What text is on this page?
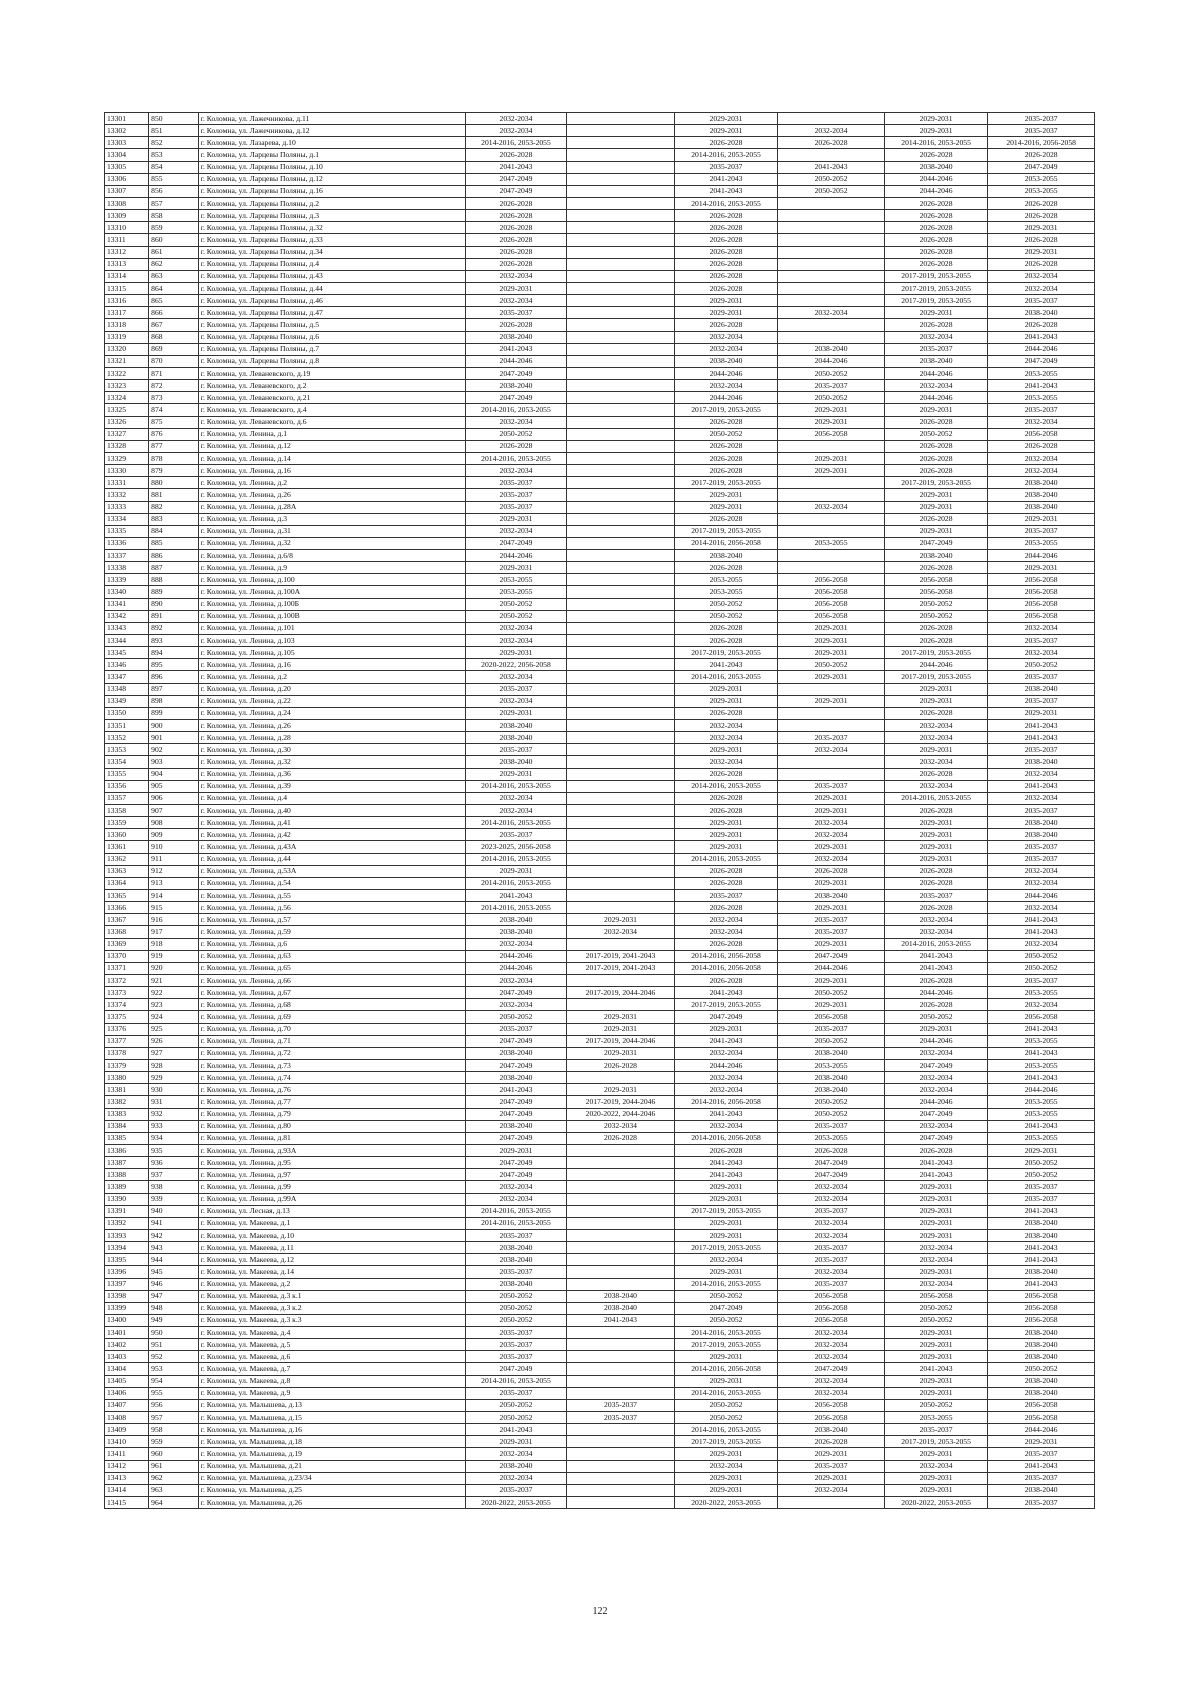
13301	850	г. Коломна, ул. Лажечникова, д.11	2032-2034		2029-2031		2029-2031	2035-2037
13302	851	г. Коломна, ул. Лажечникова, д.12	2032-2034		2029-2031	2032-2034	2029-2031	2035-2037
13303	852	г. Коломна, ул. Лазарева, д.10	2014-2016, 2053-2055		2026-2028	2026-2028	2014-2016, 2053-2055	2014-2016, 2056-2058
13304	853	г. Коломна, ул. Ларцевы Поляны, д.1	2026-2028		2014-2016, 2053-2055		2026-2028	2026-2028
13305	854	г. Коломна, ул. Ларцевы Поляны, д.10	2041-2043		2035-2037	2041-2043	2038-2040	2047-2049
13306	855	г. Коломна, ул. Ларцевы Поляны, д.12	2047-2049		2041-2043	2050-2052	2044-2046	2053-2055
13307	856	г. Коломна, ул. Ларцевы Поляны, д.16	2047-2049		2041-2043	2050-2052	2044-2046	2053-2055
13308	857	г. Коломна, ул. Ларцевы Поляны, д.2	2026-2028		2014-2016, 2053-2055		2026-2028	2026-2028
13309	858	г. Коломна, ул. Ларцевы Поляны, д.3	2026-2028		2026-2028		2026-2028	2026-2028
13310	859	г. Коломна, ул. Ларцевы Поляны, д.32	2026-2028		2026-2028		2026-2028	2029-2031
13311	860	г. Коломна, ул. Ларцевы Поляны, д.33	2026-2028		2026-2028		2026-2028	2026-2028
13312	861	г. Коломна, ул. Ларцевы Поляны, д.34	2026-2028		2026-2028		2026-2028	2029-2031
13313	862	г. Коломна, ул. Ларцевы Поляны, д.4	2026-2028		2026-2028		2026-2028	2026-2028
13314	863	г. Коломна, ул. Ларцевы Поляны, д.43	2032-2034		2026-2028		2017-2019, 2053-2055	2032-2034
13315	864	г. Коломна, ул. Ларцевы Поляны, д.44	2029-2031		2026-2028		2017-2019, 2053-2055	2032-2034
13316	865	г. Коломна, ул. Ларцевы Поляны, д.46	2032-2034		2029-2031		2017-2019, 2053-2055	2035-2037
13317	866	г. Коломна, ул. Ларцевы Поляны, д.47	2035-2037		2029-2031	2032-2034	2029-2031	2038-2040
13318	867	г. Коломна, ул. Ларцевы Поляны, д.5	2026-2028		2026-2028		2026-2028	2026-2028
13319	868	г. Коломна, ул. Ларцевы Поляны, д.6	2038-2040		2032-2034		2032-2034	2041-2043
13320	869	г. Коломна, ул. Ларцевы Поляны, д.7	2041-2043		2032-2034	2038-2040	2035-2037	2044-2046
13321	870	г. Коломна, ул. Ларцевы Поляны, д.8	2044-2046		2038-2040	2044-2046	2038-2040	2047-2049
13322	871	г. Коломна, ул. Леваневского, д.19	2047-2049		2044-2046	2050-2052	2044-2046	2053-2055
13323	872	г. Коломна, ул. Леваневского, д.2	2038-2040		2032-2034	2035-2037	2032-2034	2041-2043
13324	873	г. Коломна, ул. Леваневского, д.21	2047-2049		2044-2046	2050-2052	2044-2046	2053-2055
13325	874	г. Коломна, ул. Леваневского, д.4	2014-2016, 2053-2055		2017-2019, 2053-2055	2029-2031	2029-2031	2035-2037
13326	875	г. Коломна, ул. Леваневского, д.6	2032-2034		2026-2028	2029-2031	2026-2028	2032-2034
13327	876	г. Коломна, ул. Ленина, д.1	2050-2052		2050-2052	2056-2058	2050-2052	2056-2058
13328	877	г. Коломна, ул. Ленина, д.12	2026-2028		2026-2028		2026-2028	2026-2028
13329	878	г. Коломна, ул. Ленина, д.14	2014-2016, 2053-2055		2026-2028	2029-2031	2026-2028	2032-2034
13330	879	г. Коломна, ул. Ленина, д.16	2032-2034		2026-2028	2029-2031	2026-2028	2032-2034
13331	880	г. Коломна, ул. Ленина, д.2	2035-2037		2017-2019, 2053-2055		2017-2019, 2053-2055	2038-2040
13332	881	г. Коломна, ул. Ленина, д.26	2035-2037		2029-2031		2029-2031	2038-2040
13333	882	г. Коломна, ул. Ленина, д.28А	2035-2037		2029-2031	2032-2034	2029-2031	2038-2040
13334	883	г. Коломна, ул. Ленина, д.3	2029-2031		2026-2028		2026-2028	2029-2031
13335	884	г. Коломна, ул. Ленина, д.31	2032-2034		2017-2019, 2053-2055		2029-2031	2035-2037
13336	885	г. Коломна, ул. Ленина, д.32	2047-2049		2014-2016, 2056-2058	2053-2055	2047-2049	2053-2055
13337	886	г. Коломна, ул. Ленина, д.6/8	2044-2046		2038-2040		2038-2040	2044-2046
13338	887	г. Коломна, ул. Ленина, д.9	2029-2031		2026-2028		2026-2028	2029-2031
13339	888	г. Коломна, ул. Ленина, д.100	2053-2055		2053-2055	2056-2058	2056-2058	2056-2058
13340	889	г. Коломна, ул. Ленина, д.100А	2053-2055		2053-2055	2056-2058	2056-2058	2056-2058
13341	890	г. Коломна, ул. Ленина, д.100Б	2050-2052		2050-2052	2056-2058	2050-2052	2056-2058
13342	891	г. Коломна, ул. Ленина, д.100В	2050-2052		2050-2052	2056-2058	2050-2052	2056-2058
13343	892	г. Коломна, ул. Ленина, д.101	2032-2034		2026-2028	2029-2031	2026-2028	2032-2034
13344	893	г. Коломна, ул. Ленина, д.103	2032-2034		2026-2028	2029-2031	2026-2028	2035-2037
13345	894	г. Коломна, ул. Ленина, д.105	2029-2031		2017-2019, 2053-2055	2029-2031	2017-2019, 2053-2055	2032-2034
13346	895	г. Коломна, ул. Ленина, д.16	2020-2022, 2056-2058		2041-2043	2050-2052	2044-2046	2050-2052
13347	896	г. Коломна, ул. Ленина, д.2	2032-2034		2014-2016, 2053-2055	2029-2031	2017-2019, 2053-2055	2035-2037
13348	897	г. Коломна, ул. Ленина, д.20	2035-2037		2029-2031		2029-2031	2038-2040
13349	898	г. Коломна, ул. Ленина, д.22	2032-2034		2029-2031	2029-2031	2029-2031	2035-2037
13350	899	г. Коломна, ул. Ленина, д.24	2029-2031		2026-2028		2026-2028	2029-2031
13351	900	г. Коломна, ул. Ленина, д.26	2038-2040		2032-2034		2032-2034	2041-2043
13352	901	г. Коломна, ул. Ленина, д.28	2038-2040		2032-2034	2035-2037	2032-2034	2041-2043
13353	902	г. Коломна, ул. Ленина, д.30	2035-2037		2029-2031	2032-2034	2029-2031	2035-2037
13354	903	г. Коломна, ул. Ленина, д.32	2038-2040		2032-2034		2032-2034	2038-2040
13355	904	г. Коломна, ул. Ленина, д.36	2029-2031		2026-2028		2026-2028	2032-2034
13356	905	г. Коломна, ул. Ленина, д.39	2014-2016, 2053-2055		2014-2016, 2053-2055	2035-2037	2032-2034	2041-2043
13357	906	г. Коломна, ул. Ленина, д.4	2032-2034		2026-2028	2029-2031	2014-2016, 2053-2055	2032-2034
13358	907	г. Коломна, ул. Ленина, д.40	2032-2034		2026-2028	2029-2031	2026-2028	2035-2037
13359	908	г. Коломна, ул. Ленина, д.41	2014-2016, 2053-2055		2029-2031	2032-2034	2029-2031	2038-2040
13360	909	г. Коломна, ул. Ленина, д.42	2035-2037		2029-2031	2032-2034	2029-2031	2038-2040
13361	910	г. Коломна, ул. Ленина, д.43А	2023-2025, 2056-2058		2029-2031	2029-2031	2029-2031	2035-2037
13362	911	г. Коломна, ул. Ленина, д.44	2014-2016, 2053-2055		2014-2016, 2053-2055	2032-2034	2029-2031	2035-2037
13363	912	г. Коломна, ул. Ленина, д.53А	2029-2031		2026-2028	2026-2028	2026-2028	2032-2034
13364	913	г. Коломна, ул. Ленина, д.54	2014-2016, 2053-2055		2026-2028	2029-2031	2026-2028	2032-2034
13365	914	г. Коломна, ул. Ленина, д.55	2041-2043		2035-2037	2038-2040	2035-2037	2044-2046
13366	915	г. Коломна, ул. Ленина, д.56	2014-2016, 2053-2055		2026-2028	2029-2031	2026-2028	2032-2034
13367	916	г. Коломна, ул. Ленина, д.57	2038-2040	2029-2031	2032-2034	2035-2037	2032-2034	2041-2043
13368	917	г. Коломна, ул. Ленина, д.59	2038-2040	2032-2034	2032-2034	2035-2037	2032-2034	2041-2043
13369	918	г. Коломна, ул. Ленина, д.6	2032-2034		2026-2028	2029-2031	2014-2016, 2053-2055	2032-2034
13370	919	г. Коломна, ул. Ленина, д.63	2044-2046	2017-2019, 2041-2043	2014-2016, 2056-2058	2047-2049	2041-2043	2050-2052
13371	920	г. Коломна, ул. Ленина, д.65	2044-2046	2017-2019, 2041-2043	2014-2016, 2056-2058	2044-2046	2041-2043	2050-2052
13372	921	г. Коломна, ул. Ленина, д.66	2032-2034		2026-2028	2029-2031	2026-2028	2035-2037
13373	922	г. Коломна, ул. Ленина, д.67	2047-2049	2017-2019, 2044-2046	2041-2043	2050-2052	2044-2046	2053-2055
13374	923	г. Коломна, ул. Ленина, д.68	2032-2034		2017-2019, 2053-2055	2029-2031	2026-2028	2032-2034
13375	924	г. Коломна, ул. Ленина, д.69	2050-2052	2029-2031	2047-2049	2056-2058	2050-2052	2056-2058
13376	925	г. Коломна, ул. Ленина, д.70	2035-2037	2029-2031	2029-2031	2035-2037	2029-2031	2041-2043
13377	926	г. Коломна, ул. Ленина, д.71	2047-2049	2017-2019, 2044-2046	2041-2043	2050-2052	2044-2046	2053-2055
13378	927	г. Коломна, ул. Ленина, д.72	2038-2040	2029-2031	2032-2034	2038-2040	2032-2034	2041-2043
13379	928	г. Коломна, ул. Ленина, д.73	2047-2049	2026-2028	2044-2046	2053-2055	2047-2049	2053-2055
13380	929	г. Коломна, ул. Ленина, д.74	2038-2040		2032-2034	2038-2040	2032-2034	2041-2043
13381	930	г. Коломна, ул. Ленина, д.76	2041-2043	2029-2031	2032-2034	2038-2040	2032-2034	2044-2046
13382	931	г. Коломна, ул. Ленина, д.77	2047-2049	2017-2019, 2044-2046	2014-2016, 2056-2058	2050-2052	2044-2046	2053-2055
13383	932	г. Коломна, ул. Ленина, д.79	2047-2049	2020-2022, 2044-2046	2041-2043	2050-2052	2047-2049	2053-2055
13384	933	г. Коломна, ул. Ленина, д.80	2038-2040	2032-2034	2032-2034	2035-2037	2032-2034	2041-2043
13385	934	г. Коломна, ул. Ленина, д.81	2047-2049	2026-2028	2014-2016, 2056-2058	2053-2055	2047-2049	2053-2055
13386	935	г. Коломна, ул. Ленина, д.93А	2029-2031		2026-2028	2026-2028	2026-2028	2029-2031
13387	936	г. Коломна, ул. Ленина, д.95	2047-2049		2041-2043	2047-2049	2041-2043	2050-2052
13388	937	г. Коломна, ул. Ленина, д.97	2047-2049		2041-2043	2047-2049	2041-2043	2050-2052
13389	938	г. Коломна, ул. Ленина, д.99	2032-2034		2029-2031	2032-2034	2029-2031	2035-2037
13390	939	г. Коломна, ул. Ленина, д.99А	2032-2034		2029-2031	2032-2034	2029-2031	2035-2037
13391	940	г. Коломна, ул. Лесная, д.13	2014-2016, 2053-2055		2017-2019, 2053-2055	2035-2037	2029-2031	2041-2043
13392	941	г. Коломна, ул. Макеева, д.1	2014-2016, 2053-2055		2029-2031	2032-2034	2029-2031	2038-2040
13393	942	г. Коломна, ул. Макеева, д.10	2035-2037		2029-2031	2032-2034	2029-2031	2038-2040
13394	943	г. Коломна, ул. Макеева, д.11	2038-2040		2017-2019, 2053-2055	2035-2037	2032-2034	2041-2043
13395	944	г. Коломна, ул. Макеева, д.12	2038-2040		2032-2034	2035-2037	2032-2034	2041-2043
13396	945	г. Коломна, ул. Макеева, д.14	2035-2037		2029-2031	2032-2034	2029-2031	2038-2040
13397	946	г. Коломна, ул. Макеева, д.2	2038-2040		2014-2016, 2053-2055	2035-2037	2032-2034	2041-2043
13398	947	г. Коломна, ул. Макеева, д.3 к.1	2050-2052	2038-2040	2050-2052	2056-2058	2056-2058	2056-2058
13399	948	г. Коломна, ул. Макеева, д.3 к.2	2050-2052	2038-2040	2047-2049	2056-2058	2050-2052	2056-2058
13400	949	г. Коломна, ул. Макеева, д.3 к.3	2050-2052	2041-2043	2050-2052	2056-2058	2050-2052	2056-2058
13401	950	г. Коломна, ул. Макеева, д.4	2035-2037		2014-2016, 2053-2055	2032-2034	2029-2031	2038-2040
13402	951	г. Коломна, ул. Макеева, д.5	2035-2037		2017-2019, 2053-2055	2032-2034	2029-2031	2038-2040
13403	952	г. Коломна, ул. Макеева, д.6	2035-2037		2029-2031	2032-2034	2029-2031	2038-2040
13404	953	г. Коломна, ул. Макеева, д.7	2047-2049		2014-2016, 2056-2058	2047-2049	2041-2043	2050-2052
13405	954	г. Коломна, ул. Макеева, д.8	2014-2016, 2053-2055		2029-2031	2032-2034	2029-2031	2038-2040
13406	955	г. Коломна, ул. Макеева, д.9	2035-2037		2014-2016, 2053-2055	2032-2034	2029-2031	2038-2040
13407	956	г. Коломна, ул. Малышева, д.13	2050-2052	2035-2037	2050-2052	2056-2058	2050-2052	2056-2058
13408	957	г. Коломна, ул. Малышева, д.15	2050-2052	2035-2037	2050-2052	2056-2058	2053-2055	2056-2058
13409	958	г. Коломна, ул. Малышева, д.16	2041-2043		2014-2016, 2053-2055	2038-2040	2035-2037	2044-2046
13410	959	г. Коломна, ул. Малышева, д.18	2029-2031		2017-2019, 2053-2055	2026-2028	2017-2019, 2053-2055	2029-2031
13411	960	г. Коломна, ул. Малышева, д.19	2032-2034		2029-2031	2029-2031	2029-2031	2035-2037
13412	961	г. Коломна, ул. Малышева, д.21	2038-2040		2032-2034	2035-2037	2032-2034	2041-2043
13413	962	г. Коломна, ул. Малышева, д.23/34	2032-2034		2029-2031	2029-2031	2029-2031	2035-2037
13414	963	г. Коломна, ул. Малышева, д.25	2035-2037		2029-2031	2032-2034	2029-2031	2038-2040
13415	964	г. Коломна, ул. Малышева, д.26	2020-2022, 2053-2055		2020-2022, 2053-2055		2020-2022, 2053-2055	2035-2037
122
